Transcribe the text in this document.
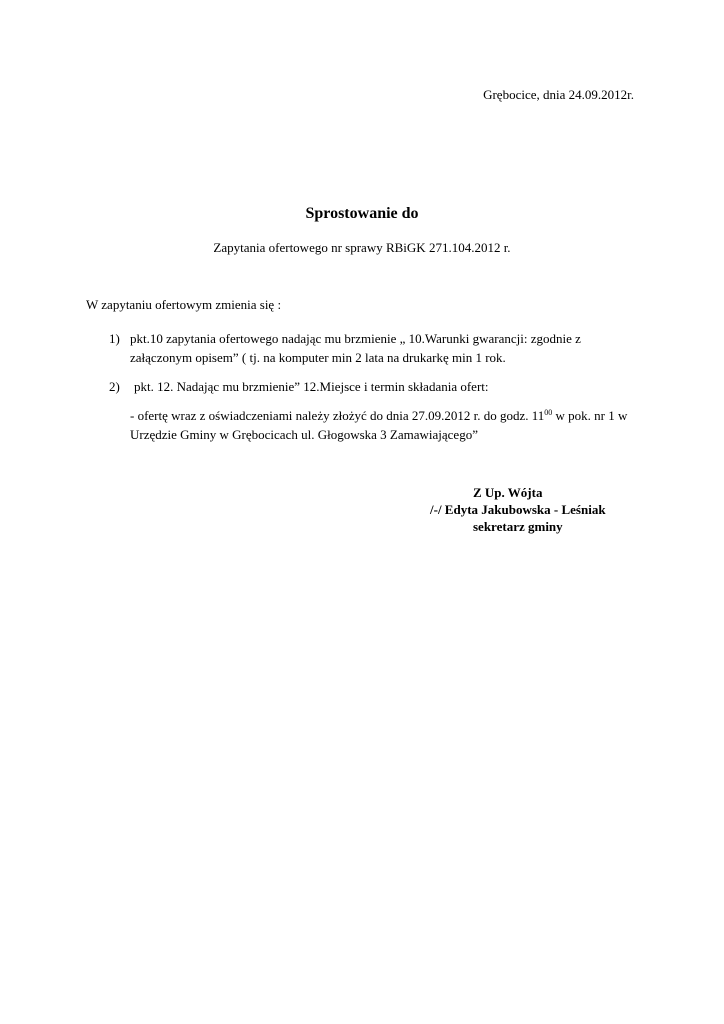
Grębocice, dnia 24.09.2012r.
Sprostowanie do
Zapytania ofertowego nr sprawy RBiGK 271.104.2012 r.
W zapytaniu ofertowym zmienia się :
1) pkt.10 zapytania ofertowego nadając mu brzmienie „ 10.Warunki gwarancji: zgodnie z załączonym opisem” ( tj. na komputer min 2 lata na drukarkę min 1 rok.
2) pkt. 12. Nadając mu brzmienie” 12.Miejsce i termin składania ofert:
- ofertę wraz z oświadczeniami należy złożyć do dnia 27.09.2012 r. do godz. $11^{00}$ w pok. nr 1 w Urzędzie Gminy w Grębocicach ul. Głogowska 3 Zamawiającego”
Z Up. Wójta
/-/ Edyta Jakubowska - Leśniak
sekretarz gminy
